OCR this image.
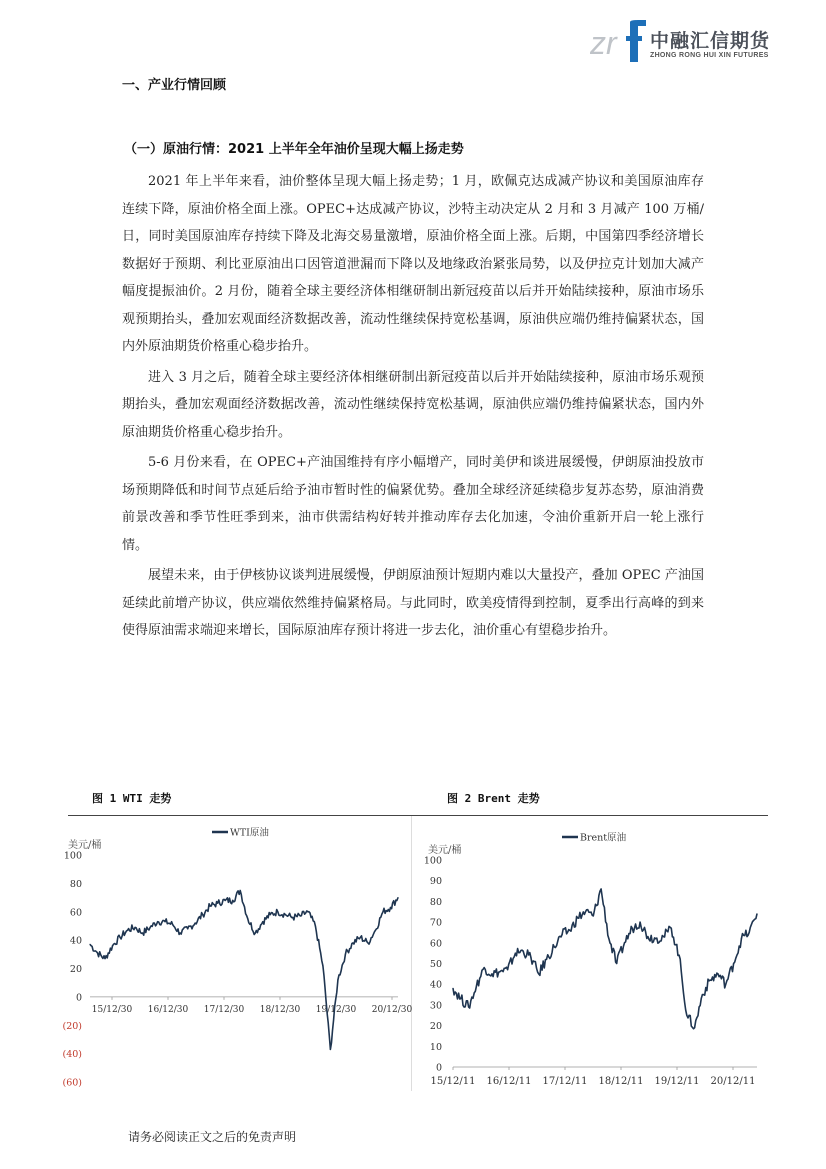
zr 中融汇信期货
ZHONG RONG HUI XIN FUTURES
一、产业行情回顾
（一）原油行情：2021 上半年全年油价呈现大幅上扬走势

2021 年上半年来看，油价整体呈现大幅上扬走势；1 月，欧佩克达成减产协议和美国原油库存连续下降，原油价格全面上涨。OPEC+达成减产协议，沙特主动决定从 2 月和 3 月减产 100 万桶/日，同时美国原油库存持续下降及北海交易量激增，原油价格全面上涨。后期，中国第四季经济增长数据好于预期、利比亚原油出口因管道泄漏而下降以及地缘政治紧张局势，以及伊拉克计划加大减产幅度提振油价。2 月份，随着全球主要经济体相继研制出新冠疫苗以后并开始陆续接种，原油市场乐观预期抬头，叠加宏观面经济数据改善，流动性继续保持宽松基调，原油供应端仍维持偏紧状态，国内外原油期货价格重心稳步抬升。

进入 3 月之后，随着全球主要经济体相继研制出新冠疫苗以后并开始陆续接种，原油市场乐观预期抬头，叠加宏观面经济数据改善，流动性继续保持宽松基调，原油供应端仍维持偏紧状态，国内外原油期货价格重心稳步抬升。

5-6 月份来看，在 OPEC+产油国维持有序小幅增产，同时美伊和谈进展缓慢，伊朗原油投放市场预期降低和时间节点延后给予油市暂时性的偏紧优势。叠加全球经济延续稳步复苏态势，原油消费前景改善和季节性旺季到来，油市供需结构好转并推动库存去化加速，令油价重新开启一轮上涨行情。

展望未来，由于伊核协议谈判进展缓慢，伊朗原油预计短期内难以大量投产，叠加 OPEC 产油国延续此前增产协议，供应端依然维持偏紧格局。与此同时，欧美疫情得到控制，夏季出行高峰的到来使得原油需求端迎来增长，国际原油库存预计将进一步去化，油价重心有望稳步抬升。

图 1 WTI 走势	图 2 Brent 走势
美元/桶
100
80
60
40
20
0
(20)
(40)
(60)
15/12/30 16/12/30 17/12/30 18/12/30 19/12/30 20/12/30
WTI原油
美元/桶
100
90
80
70
60
50
40
30
20
10
0
15/12/11 16/12/11 17/12/11 18/12/11 19/12/11 20/12/11
Brent原油
请务必阅读正文之后的免责声明
